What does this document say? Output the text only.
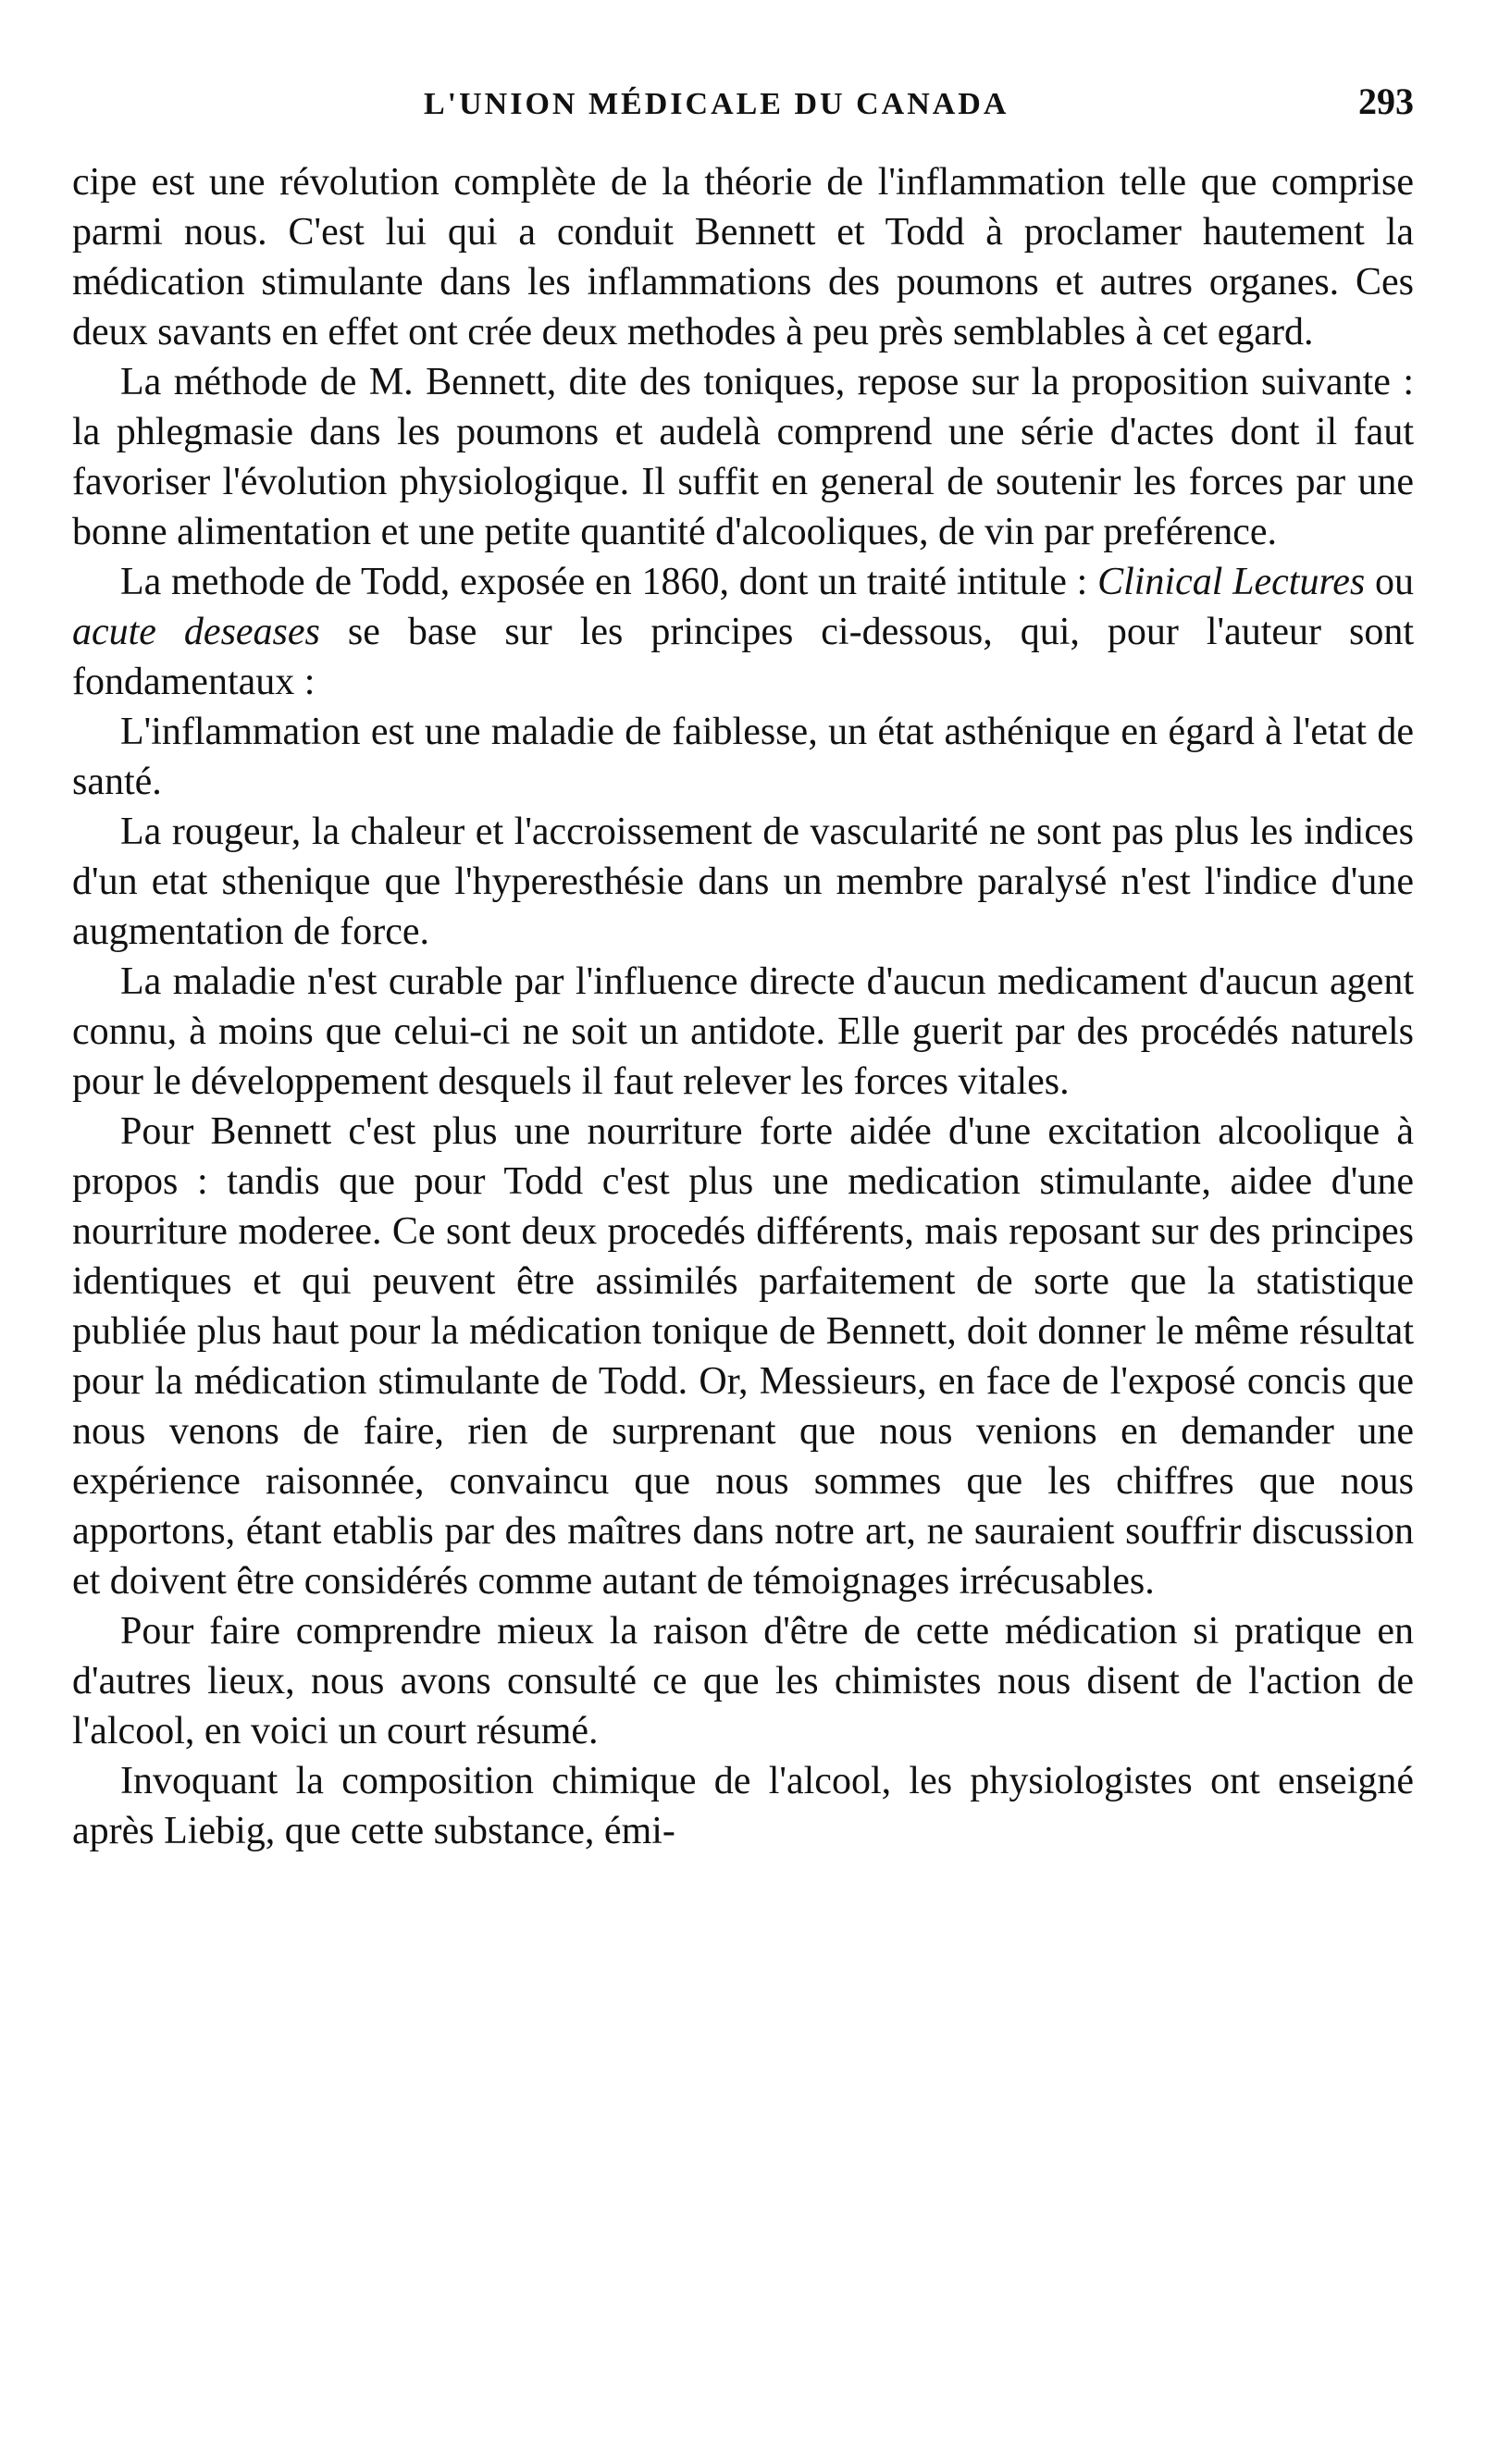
L'UNION MÉDICALE DU CANADA	293

cipe est une révolution complète de la théorie de l'inflammation telle que comprise parmi nous. C'est lui qui a conduit Bennett et Todd à proclamer hautement la médication stimulante dans les inflammations des poumons et autres organes. Ces deux savants en effet ont crée deux methodes à peu près semblables à cet egard.

La méthode de M. Bennett, dite des toniques, repose sur la proposition suivante : la phlegmasie dans les poumons et audelà comprend une série d'actes dont il faut favoriser l'évolution physiologique. Il suffit en general de soutenir les forces par une bonne alimentation et une petite quantité d'alcooliques, de vin par preférence.

La methode de Todd, exposée en 1860, dont un traité intitule : Clinical Lectures ou acute deseases se base sur les principes ci-dessous, qui, pour l'auteur sont fondamentaux :

L'inflammation est une maladie de faiblesse, un état asthénique en égard à l'etat de santé.

La rougeur, la chaleur et l'accroissement de vascularité ne sont pas plus les indices d'un etat sthenique que l'hyperesthésie dans un membre paralysé n'est l'indice d'une augmentation de force.

La maladie n'est curable par l'influence directe d'aucun medicament d'aucun agent connu, à moins que celui-ci ne soit un antidote. Elle guerit par des procédés naturels pour le développement desquels il faut relever les forces vitales.

Pour Bennett c'est plus une nourriture forte aidée d'une excitation alcoolique à propos : tandis que pour Todd c'est plus une medication stimulante, aidee d'une nourriture moderee. Ce sont deux procedés différents, mais reposant sur des principes identiques et qui peuvent être assimilés parfaitement de sorte que la statistique publiée plus haut pour la médication tonique de Bennett, doit donner le même résultat pour la médication stimulante de Todd. Or, Messieurs, en face de l'exposé concis que nous venons de faire, rien de surprenant que nous venions en demander une expérience raisonnée, convaincu que nous sommes que les chiffres que nous apportons, étant etablis par des maîtres dans notre art, ne sauraient souffrir discussion et doivent être considérés comme autant de témoignages irrécusables.

Pour faire comprendre mieux la raison d'être de cette médication si pratique en d'autres lieux, nous avons consulté ce que les chimistes nous disent de l'action de l'alcool, en voici un court résumé.

Invoquant la composition chimique de l'alcool, les physiologistes ont enseigné après Liebig, que cette substance, émi-
